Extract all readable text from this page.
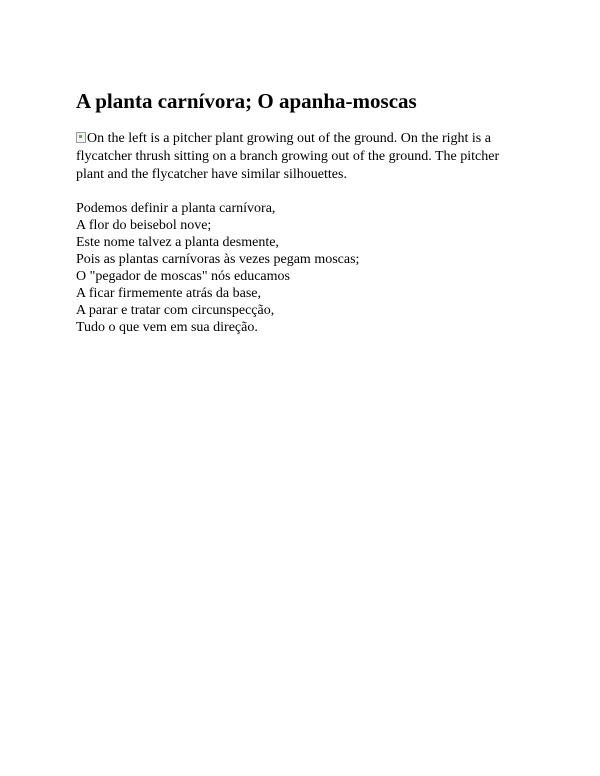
A planta carnívora; O apanha-moscas
On the left is a pitcher plant growing out of the ground. On the right is a flycatcher thrush sitting on a branch growing out of the ground. The pitcher plant and the flycatcher have similar silhouettes.
Podemos definir a planta carnívora,
A flor do beisebol nove;
Este nome talvez a planta desmente,
Pois as plantas carnívoras às vezes pegam moscas;
O "pegador de moscas" nós educamos
A ficar firmemente atrás da base,
A parar e tratar com circunspecção,
Tudo o que vem em sua direção.
